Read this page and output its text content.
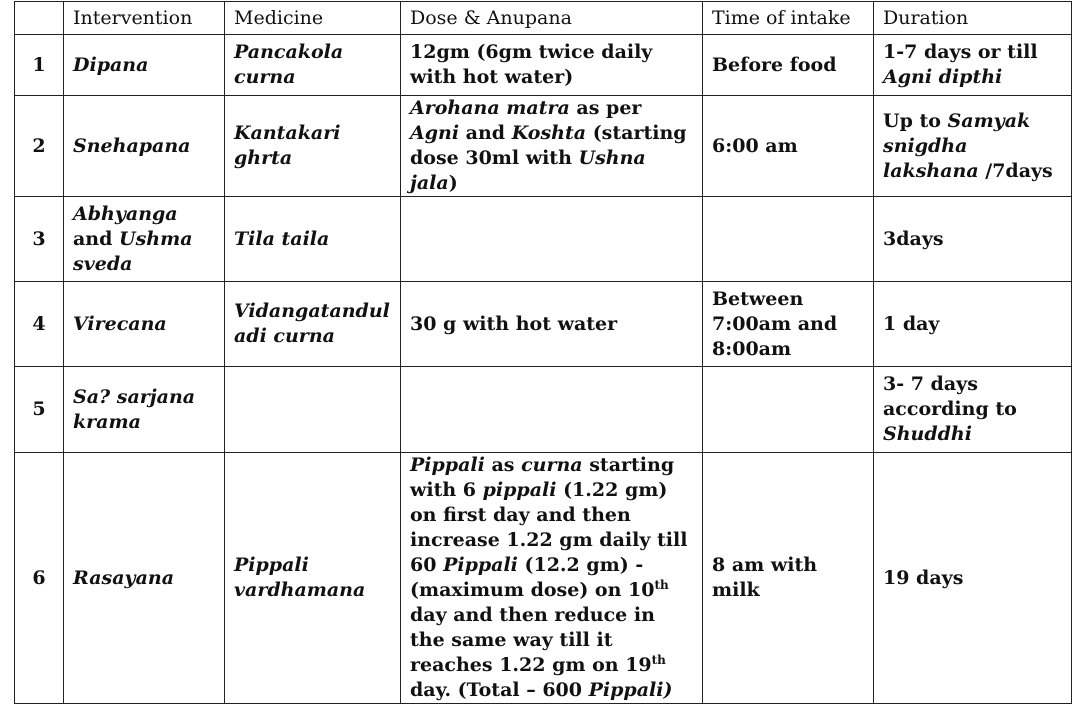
	Intervention	Medicine	Dose & Anupana	Time of intake	Duration
1	Dipana	Pancakola curna	12gm (6gm twice daily with hot water)	Before food	1-7 days or till Agni dipthi
2	Snehapana	Kantakari ghrta	Arohana matra as per Agni and Koshta (starting dose 30ml with Ushna jala)	6:00 am	Up to Samyak snigdha lakshana /7days
3	Abhyanga and Ushma sveda	Tila taila			3days
4	Virecana	Vidangatandul adi curna	30 g with hot water	Between 7:00am and 8:00am	1 day
5	Sa? sarjana krama				3- 7 days according to Shuddhi
6	Rasayana	Pippali vardhamana	Pippali as curna starting with 6 pippali (1.22 gm) on first day and then increase 1.22 gm daily till 60 Pippali (12.2 gm) - (maximum dose) on 10th day and then reduce in the same way till it reaches 1.22 gm on 19th day. (Total – 600 Pippali)	8 am with milk	19 days
